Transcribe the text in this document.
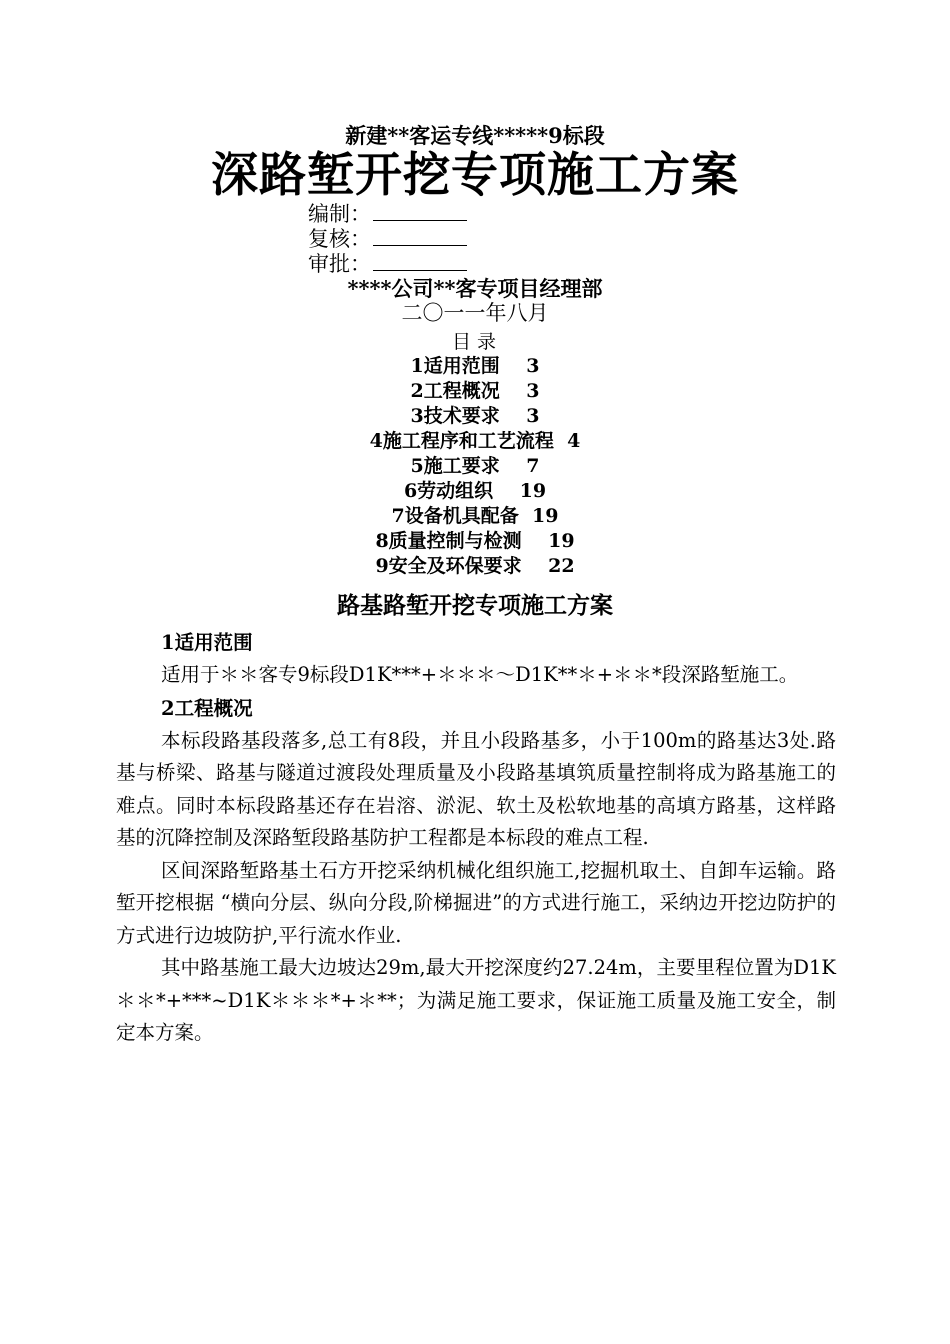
新建**客运专线*****9标段
深路堑开挖专项施工方案
编制：
复核：
审批：
****公司**客专项目经理部
二〇一一年八月
目 录
1适用范围    3
2工程概况    3
3技术要求    3
4施工程序和工艺流程  4
5施工要求    7
6劳动组织    19
7设备机具配备  19
8质量控制与检测    19
9安全及环保要求    22
路基路堑开挖专项施工方案
1适用范围

适用于＊＊客专9标段D1K***+＊＊＊～D1K**＊+＊＊*段深路堑施工。

2工程概况

本标段路基段落多,总工有8段，并且小段路基多，小于100m的路基达3处.路基与桥梁、路基与隧道过渡段处理质量及小段路基填筑质量控制将成为路基施工的难点。同时本标段路基还存在岩溶、淤泥、软土及松软地基的高填方路基，这样路基的沉降控制及深路堑段路基防护工程都是本标段的难点工程.

区间深路堑路基土石方开挖采纳机械化组织施工,挖掘机取土、自卸车运输。路堑开挖根据 “横向分层、纵向分段,阶梯掘进”的方式进行施工，采纳边开挖边防护的方式进行边坡防护,平行流水作业.

其中路基施工最大边坡达29m,最大开挖深度约27.24m，主要里程位置为D1K＊＊*+***~D1K＊＊＊*+＊**；为满足施工要求，保证施工质量及施工安全，制定本方案。
